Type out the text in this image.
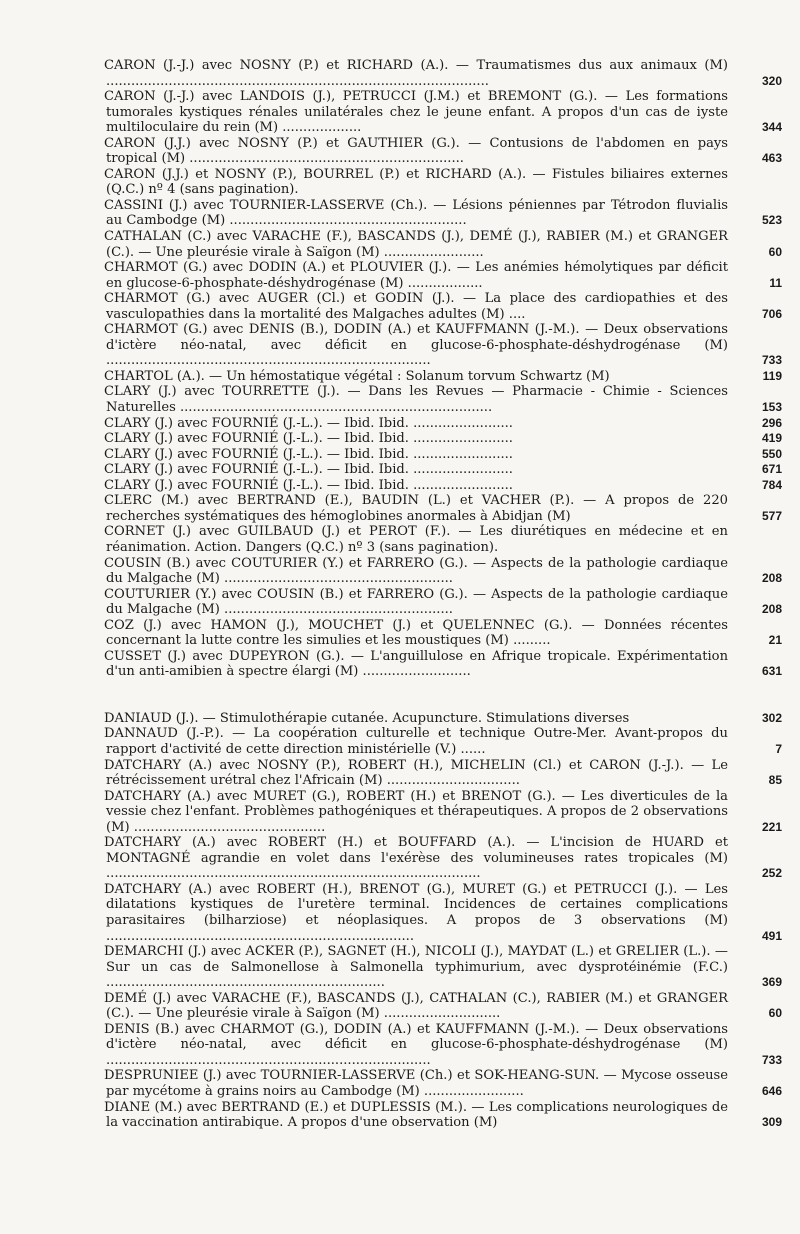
CARON (J.-J.) avec NOSNY (P.) et RICHARD (A.). — Traumatismes dus aux animaux (M) ............................................................................................	320

CARON (J.-J.) avec LANDOIS (J.), PETRUCCI (J.M.) et BREMONT (G.). — Les formations tumorales kystiques rénales unilatérales chez le jeune enfant. A propos d'un cas de iyste multiloculaire du rein (M) ...................	344

CARON (J.J.) avec NOSNY (P.) et GAUTHIER (G.). — Contusions de l'abdomen en pays tropical (M) ..................................................................	463

CARON (J.J.) et NOSNY (P.), BOURREL (P.) et RICHARD (A.). — Fistules biliaires externes (Q.C.) nº 4 (sans pagination).

CASSINI (J.) avec TOURNIER-LASSERVE (Ch.). — Lésions péniennes par Tétrodon fluvialis au Cambodge (M) .........................................................	523

CATHALAN (C.) avec VARACHE (F.), BASCANDS (J.), DEMÉ (J.), RABIER (M.) et GRANGER (C.). — Une pleurésie virale à Saïgon (M) ........................	60

CHARMOT (G.) avec DODIN (A.) et PLOUVIER (J.). — Les anémies hémolytiques par déficit en glucose-6-phosphate-déshydrogénase (M) ..................	11

CHARMOT (G.) avec AUGER (Cl.) et GODIN (J.). — La place des cardiopathies et des vasculopathies dans la mortalité des Malgaches adultes (M) ....	706

CHARMOT (G.) avec DENIS (B.), DODIN (A.) et KAUFFMANN (J.-M.). — Deux observations d'ictère néo-natal, avec déficit en glucose-6-phosphate-déshydrogénase (M) ..............................................................................	733

CHARTOL (A.). — Un hémostatique végétal : Solanum torvum Schwartz (M)	119

CLARY (J.) avec TOURRETTE (J.). — Dans les Revues — Pharmacie - Chimie - Sciences Naturelles ...........................................................................	153

CLARY (J.) avec FOURNIÉ (J.-L.). — Ibid. Ibid. ........................	296

CLARY (J.) avec FOURNIÉ (J.-L.). — Ibid. Ibid. ........................	419

CLARY (J.) avec FOURNIÉ (J.-L.). — Ibid. Ibid. ........................	550

CLARY (J.) avec FOURNIÉ (J.-L.). — Ibid. Ibid. ........................	671

CLARY (J.) avec FOURNIÉ (J.-L.). — Ibid. Ibid. ........................	784

CLERC (M.) avec BERTRAND (E.), BAUDIN (L.) et VACHER (P.). — A propos de 220 recherches systématiques des hémoglobines anormales à Abidjan (M)	577

CORNET (J.) avec GUILBAUD (J.) et PEROT (F.). — Les diurétiques en médecine et en réanimation. Action. Dangers (Q.C.) nº 3 (sans pagination).

COUSIN (B.) avec COUTURIER (Y.) et FARRERO (G.). — Aspects de la pathologie cardiaque du Malgache (M) .......................................................	208

COUTURIER (Y.) avec COUSIN (B.) et FARRERO (G.). — Aspects de la pathologie cardiaque du Malgache (M) .......................................................	208

COZ (J.) avec HAMON (J.), MOUCHET (J.) et QUELENNEC (G.). — Données récentes concernant la lutte contre les simulies et les moustiques (M) .........	21

CUSSET (J.) avec DUPEYRON (G.). — L'anguillulose en Afrique tropicale. Expérimentation d'un anti-amibien à spectre élargi (M) ..........................	631

DANIAUD (J.). — Stimulothérapie cutanée. Acupuncture. Stimulations diverses	302

DANNAUD (J.-P.). — La coopération culturelle et technique Outre-Mer. Avant-propos du rapport d'activité de cette direction ministérielle (V.) ......	7

DATCHARY (A.) avec NOSNY (P.), ROBERT (H.), MICHELIN (Cl.) et CARON (J.-J.). — Le rétrécissement urétral chez l'Africain (M) ................................	85

DATCHARY (A.) avec MURET (G.), ROBERT (H.) et BRENOT (G.). — Les diverticules de la vessie chez l'enfant. Problèmes pathogéniques et thérapeutiques. A propos de 2 observations (M) ..............................................	221

DATCHARY (A.) avec ROBERT (H.) et BOUFFARD (A.). — L'incision de HUARD et MONTAGNÉ agrandie en volet dans l'exérèse des volumineuses rates tropicales (M) ..........................................................................................	252

DATCHARY (A.) avec ROBERT (H.), BRENOT (G.), MURET (G.) et PETRUCCI (J.). — Les dilatations kystiques de l'uretère terminal. Incidences de certaines complications parasitaires (bilharziose) et néoplasiques. A propos de 3 observations (M) ..........................................................................	491

DEMARCHI (J.) avec ACKER (P.), SAGNET (H.), NICOLI (J.), MAYDAT (L.) et GRELIER (L.). — Sur un cas de Salmonellose à Salmonella typhimurium, avec dysprotéinémie (F.C.) ...................................................................	369

DEMÉ (J.) avec VARACHE (F.), BASCANDS (J.), CATHALAN (C.), RABIER (M.) et GRANGER (C.). — Une pleurésie virale à Saïgon (M) ............................	60

DENIS (B.) avec CHARMOT (G.), DODIN (A.) et KAUFFMANN (J.-M.). — Deux observations d'ictère néo-natal, avec déficit en glucose-6-phosphate-déshydrogénase (M) ..............................................................................	733

DESPRUNIEE (J.) avec TOURNIER-LASSERVE (Ch.) et SOK-HEANG-SUN. — Mycose osseuse par mycétome à grains noirs au Cambodge (M) ........................	646

DIANE (M.) avec BERTRAND (E.) et DUPLESSIS (M.). — Les complications neurologiques de la vaccination antirabique. A propos d'une observation (M)	309
